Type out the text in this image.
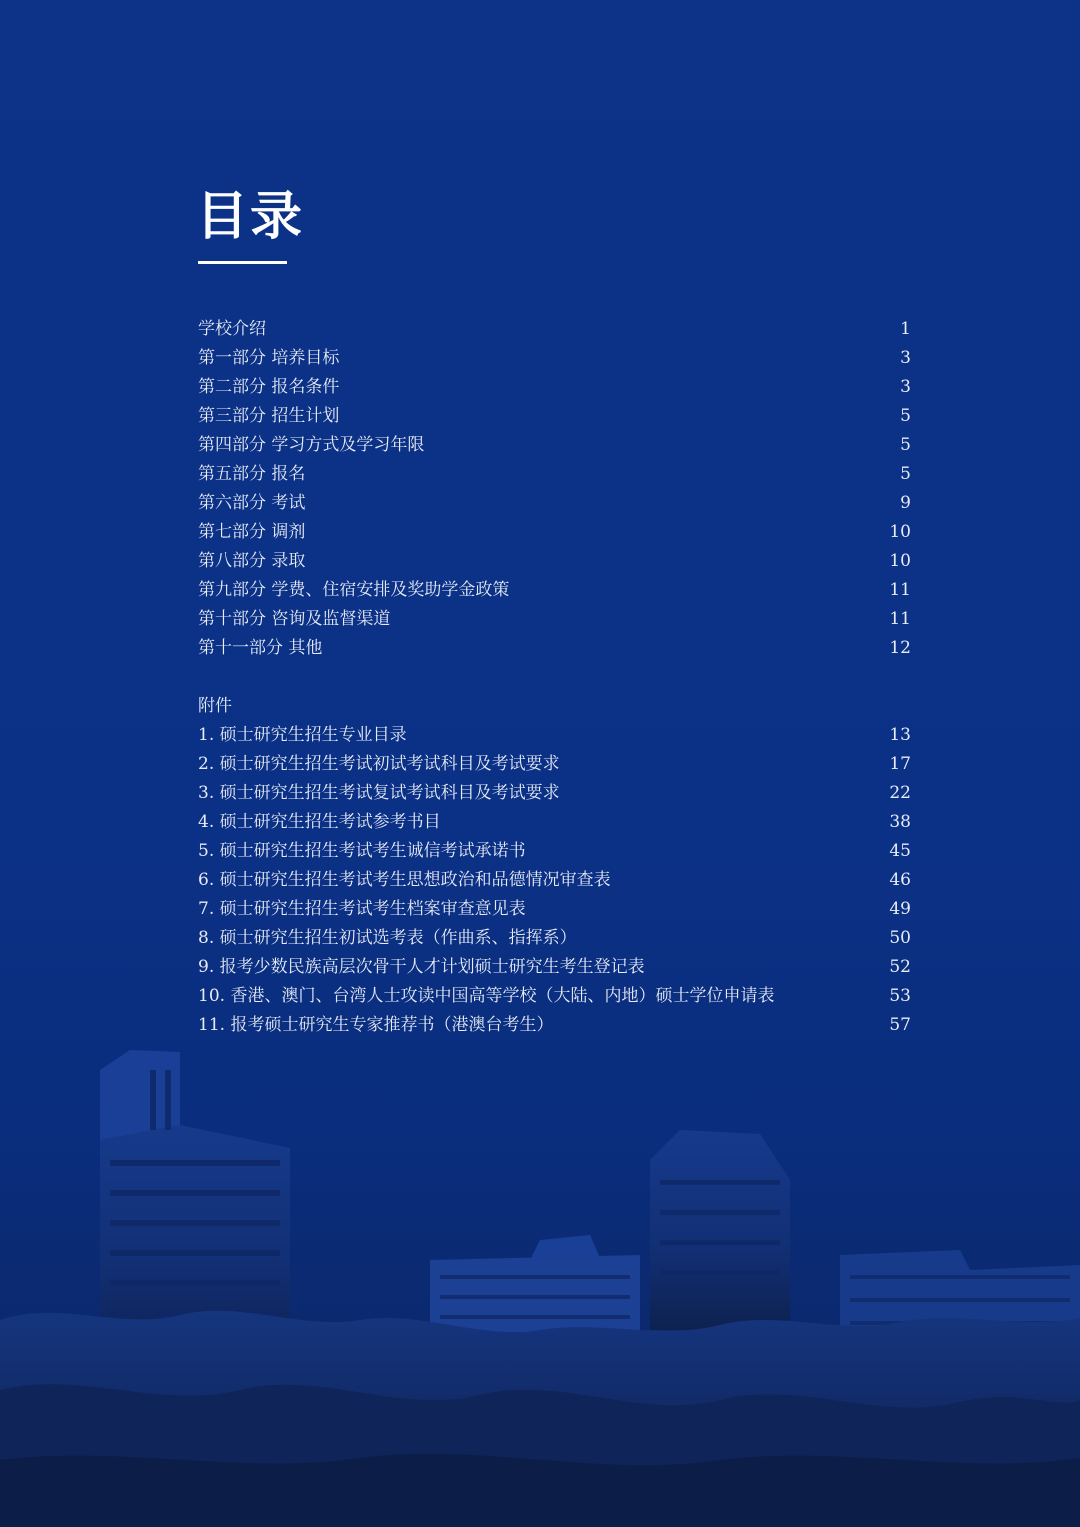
目录
学校介绍	1
第一部分 培养目标	3
第二部分 报名条件	3
第三部分 招生计划	5
第四部分 学习方式及学习年限	5
第五部分 报名	5
第六部分 考试	9
第七部分 调剂	10
第八部分 录取	10
第九部分 学费、住宿安排及奖助学金政策	11
第十部分 咨询及监督渠道	11
第十一部分 其他	12
附件
1. 硕士研究生招生专业目录	13
2. 硕士研究生招生考试初试考试科目及考试要求	17
3. 硕士研究生招生考试复试考试科目及考试要求	22
4. 硕士研究生招生考试参考书目	38
5. 硕士研究生招生考试考生诚信考试承诺书	45
6. 硕士研究生招生考试考生思想政治和品德情况审查表	46
7. 硕士研究生招生考试考生档案审查意见表	49
8. 硕士研究生招生初试选考表（作曲系、指挥系）	50
9. 报考少数民族高层次骨干人才计划硕士研究生考生登记表	52
10. 香港、澳门、台湾人士攻读中国高等学校（大陆、内地）硕士学位申请表	53
11. 报考硕士研究生专家推荐书（港澳台考生）	57
